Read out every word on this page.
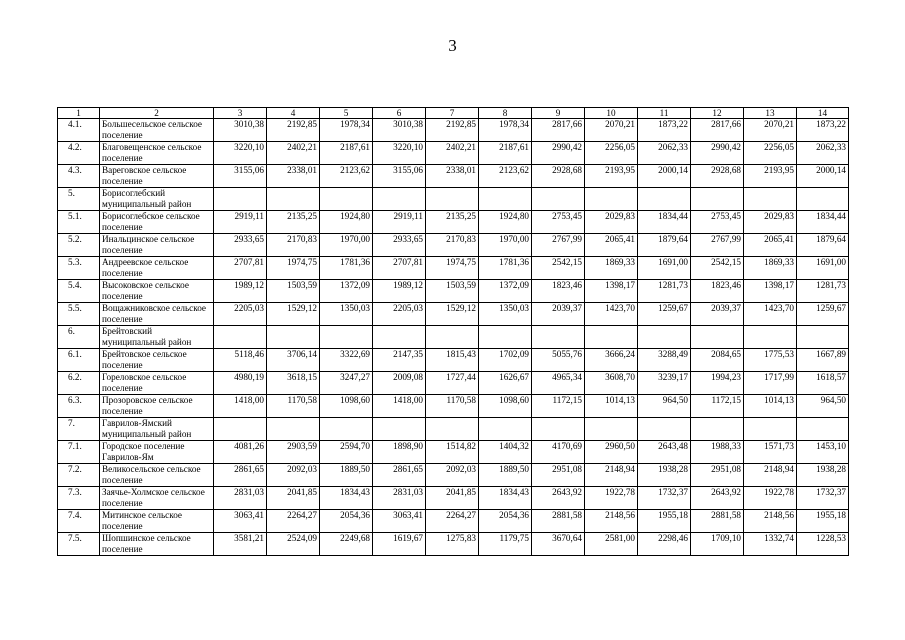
3
1	2	3	4	5	6	7	8	9	10	11	12	13	14
4.1.	Большесельское сельское поселение	3010,38	2192,85	1978,34	3010,38	2192,85	1978,34	2817,66	2070,21	1873,22	2817,66	2070,21	1873,22
4.2.	Благовещенское сельское поселение	3220,10	2402,21	2187,61	3220,10	2402,21	2187,61	2990,42	2256,05	2062,33	2990,42	2256,05	2062,33
4.3.	Вареговское сельское поселение	3155,06	2338,01	2123,62	3155,06	2338,01	2123,62	2928,68	2193,95	2000,14	2928,68	2193,95	2000,14
5.	Борисоглебский муниципальный район												
5.1.	Борисоглебское сельское поселение	2919,11	2135,25	1924,80	2919,11	2135,25	1924,80	2753,45	2029,83	1834,44	2753,45	2029,83	1834,44
5.2.	Инальцинское сельское поселение	2933,65	2170,83	1970,00	2933,65	2170,83	1970,00	2767,99	2065,41	1879,64	2767,99	2065,41	1879,64
5.3.	Андреевское сельское поселение	2707,81	1974,75	1781,36	2707,81	1974,75	1781,36	2542,15	1869,33	1691,00	2542,15	1869,33	1691,00
5.4.	Высоковское сельское поселение	1989,12	1503,59	1372,09	1989,12	1503,59	1372,09	1823,46	1398,17	1281,73	1823,46	1398,17	1281,73
5.5.	Вощажниковское сельское поселение	2205,03	1529,12	1350,03	2205,03	1529,12	1350,03	2039,37	1423,70	1259,67	2039,37	1423,70	1259,67
6.	Брейтовский муниципальный район												
6.1.	Брейтовское сельское поселение	5118,46	3706,14	3322,69	2147,35	1815,43	1702,09	5055,76	3666,24	3288,49	2084,65	1775,53	1667,89
6.2.	Гореловское сельское поселение	4980,19	3618,15	3247,27	2009,08	1727,44	1626,67	4965,34	3608,70	3239,17	1994,23	1717,99	1618,57
6.3.	Прозоровское сельское поселение	1418,00	1170,58	1098,60	1418,00	1170,58	1098,60	1172,15	1014,13	964,50	1172,15	1014,13	964,50
7.	Гаврилов-Ямский муниципальный район												
7.1.	Городское поселение Гаврилов-Ям	4081,26	2903,59	2594,70	1898,90	1514,82	1404,32	4170,69	2960,50	2643,48	1988,33	1571,73	1453,10
7.2.	Великосельское сельское поселение	2861,65	2092,03	1889,50	2861,65	2092,03	1889,50	2951,08	2148,94	1938,28	2951,08	2148,94	1938,28
7.3.	Заячье-Холмское сельское поселение	2831,03	2041,85	1834,43	2831,03	2041,85	1834,43	2643,92	1922,78	1732,37	2643,92	1922,78	1732,37
7.4.	Митинское сельское поселение	3063,41	2264,27	2054,36	3063,41	2264,27	2054,36	2881,58	2148,56	1955,18	2881,58	2148,56	1955,18
7.5.	Шопшинское сельское поселение	3581,21	2524,09	2249,68	1619,67	1275,83	1179,75	3670,64	2581,00	2298,46	1709,10	1332,74	1228,53
